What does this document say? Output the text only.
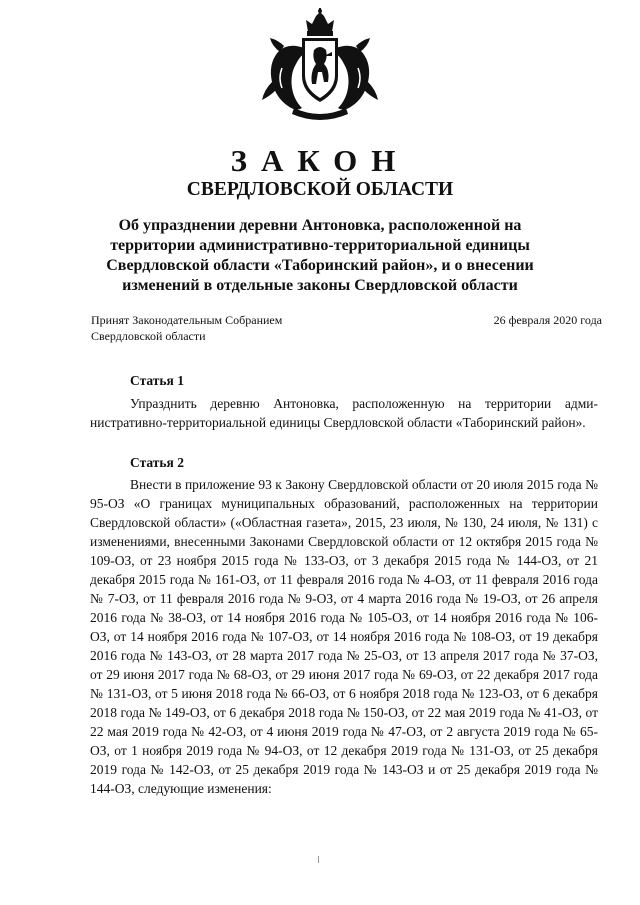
ЗАКОН
СВЕРДЛОВСКОЙ ОБЛАСТИ
Об упразднении деревни Антоновка, расположенной на территории административно-территориальной единицы Свердловской области «Таборинский район», и о внесении изменений в отдельные законы Свердловской области
Принят Законодательным Собранием Свердловской области
26 февраля 2020 года
Статья 1
Упразднить деревню Антоновка, расположенную на территории административно-территориальной единицы Свердловской области «Таборинский район».
Статья 2
Внести в приложение 93 к Закону Свердловской области от 20 июля 2015 года № 95-ОЗ «О границах муниципальных образований, расположенных на территории Свердловской области» («Областная газета», 2015, 23 июля, № 130, 24 июля, № 131) с изменениями, внесенными Законами Свердловской области от 12 октября 2015 года № 109-ОЗ, от 23 ноября 2015 года № 133-ОЗ, от 3 декабря 2015 года № 144-ОЗ, от 21 декабря 2015 года № 161-ОЗ, от 11 февраля 2016 года № 4-ОЗ, от 11 февраля 2016 года № 7-ОЗ, от 11 февраля 2016 года № 9-ОЗ, от 4 марта 2016 года № 19-ОЗ, от 26 апреля 2016 года № 38-ОЗ, от 14 ноября 2016 года № 105-ОЗ, от 14 ноября 2016 года № 106-ОЗ, от 14 ноября 2016 года № 107-ОЗ, от 14 ноября 2016 года № 108-ОЗ, от 19 декабря 2016 года № 143-ОЗ, от 28 марта 2017 года № 25-ОЗ, от 13 апреля 2017 года № 37-ОЗ, от 29 июня 2017 года № 68-ОЗ, от 29 июня 2017 года № 69-ОЗ, от 22 декабря 2017 года № 131-ОЗ, от 5 июня 2018 года № 66-ОЗ, от 6 ноября 2018 года № 123-ОЗ, от 6 декабря 2018 года № 149-ОЗ, от 6 декабря 2018 года № 150-ОЗ, от 22 мая 2019 года № 41-ОЗ, от 22 мая 2019 года № 42-ОЗ, от 4 июня 2019 года № 47-ОЗ, от 2 августа 2019 года № 65-ОЗ, от 1 ноября 2019 года № 94-ОЗ, от 12 декабря 2019 года № 131-ОЗ, от 25 декабря 2019 года № 142-ОЗ, от 25 декабря 2019 года № 143-ОЗ и от 25 декабря 2019 года № 144-ОЗ, следующие изменения:
